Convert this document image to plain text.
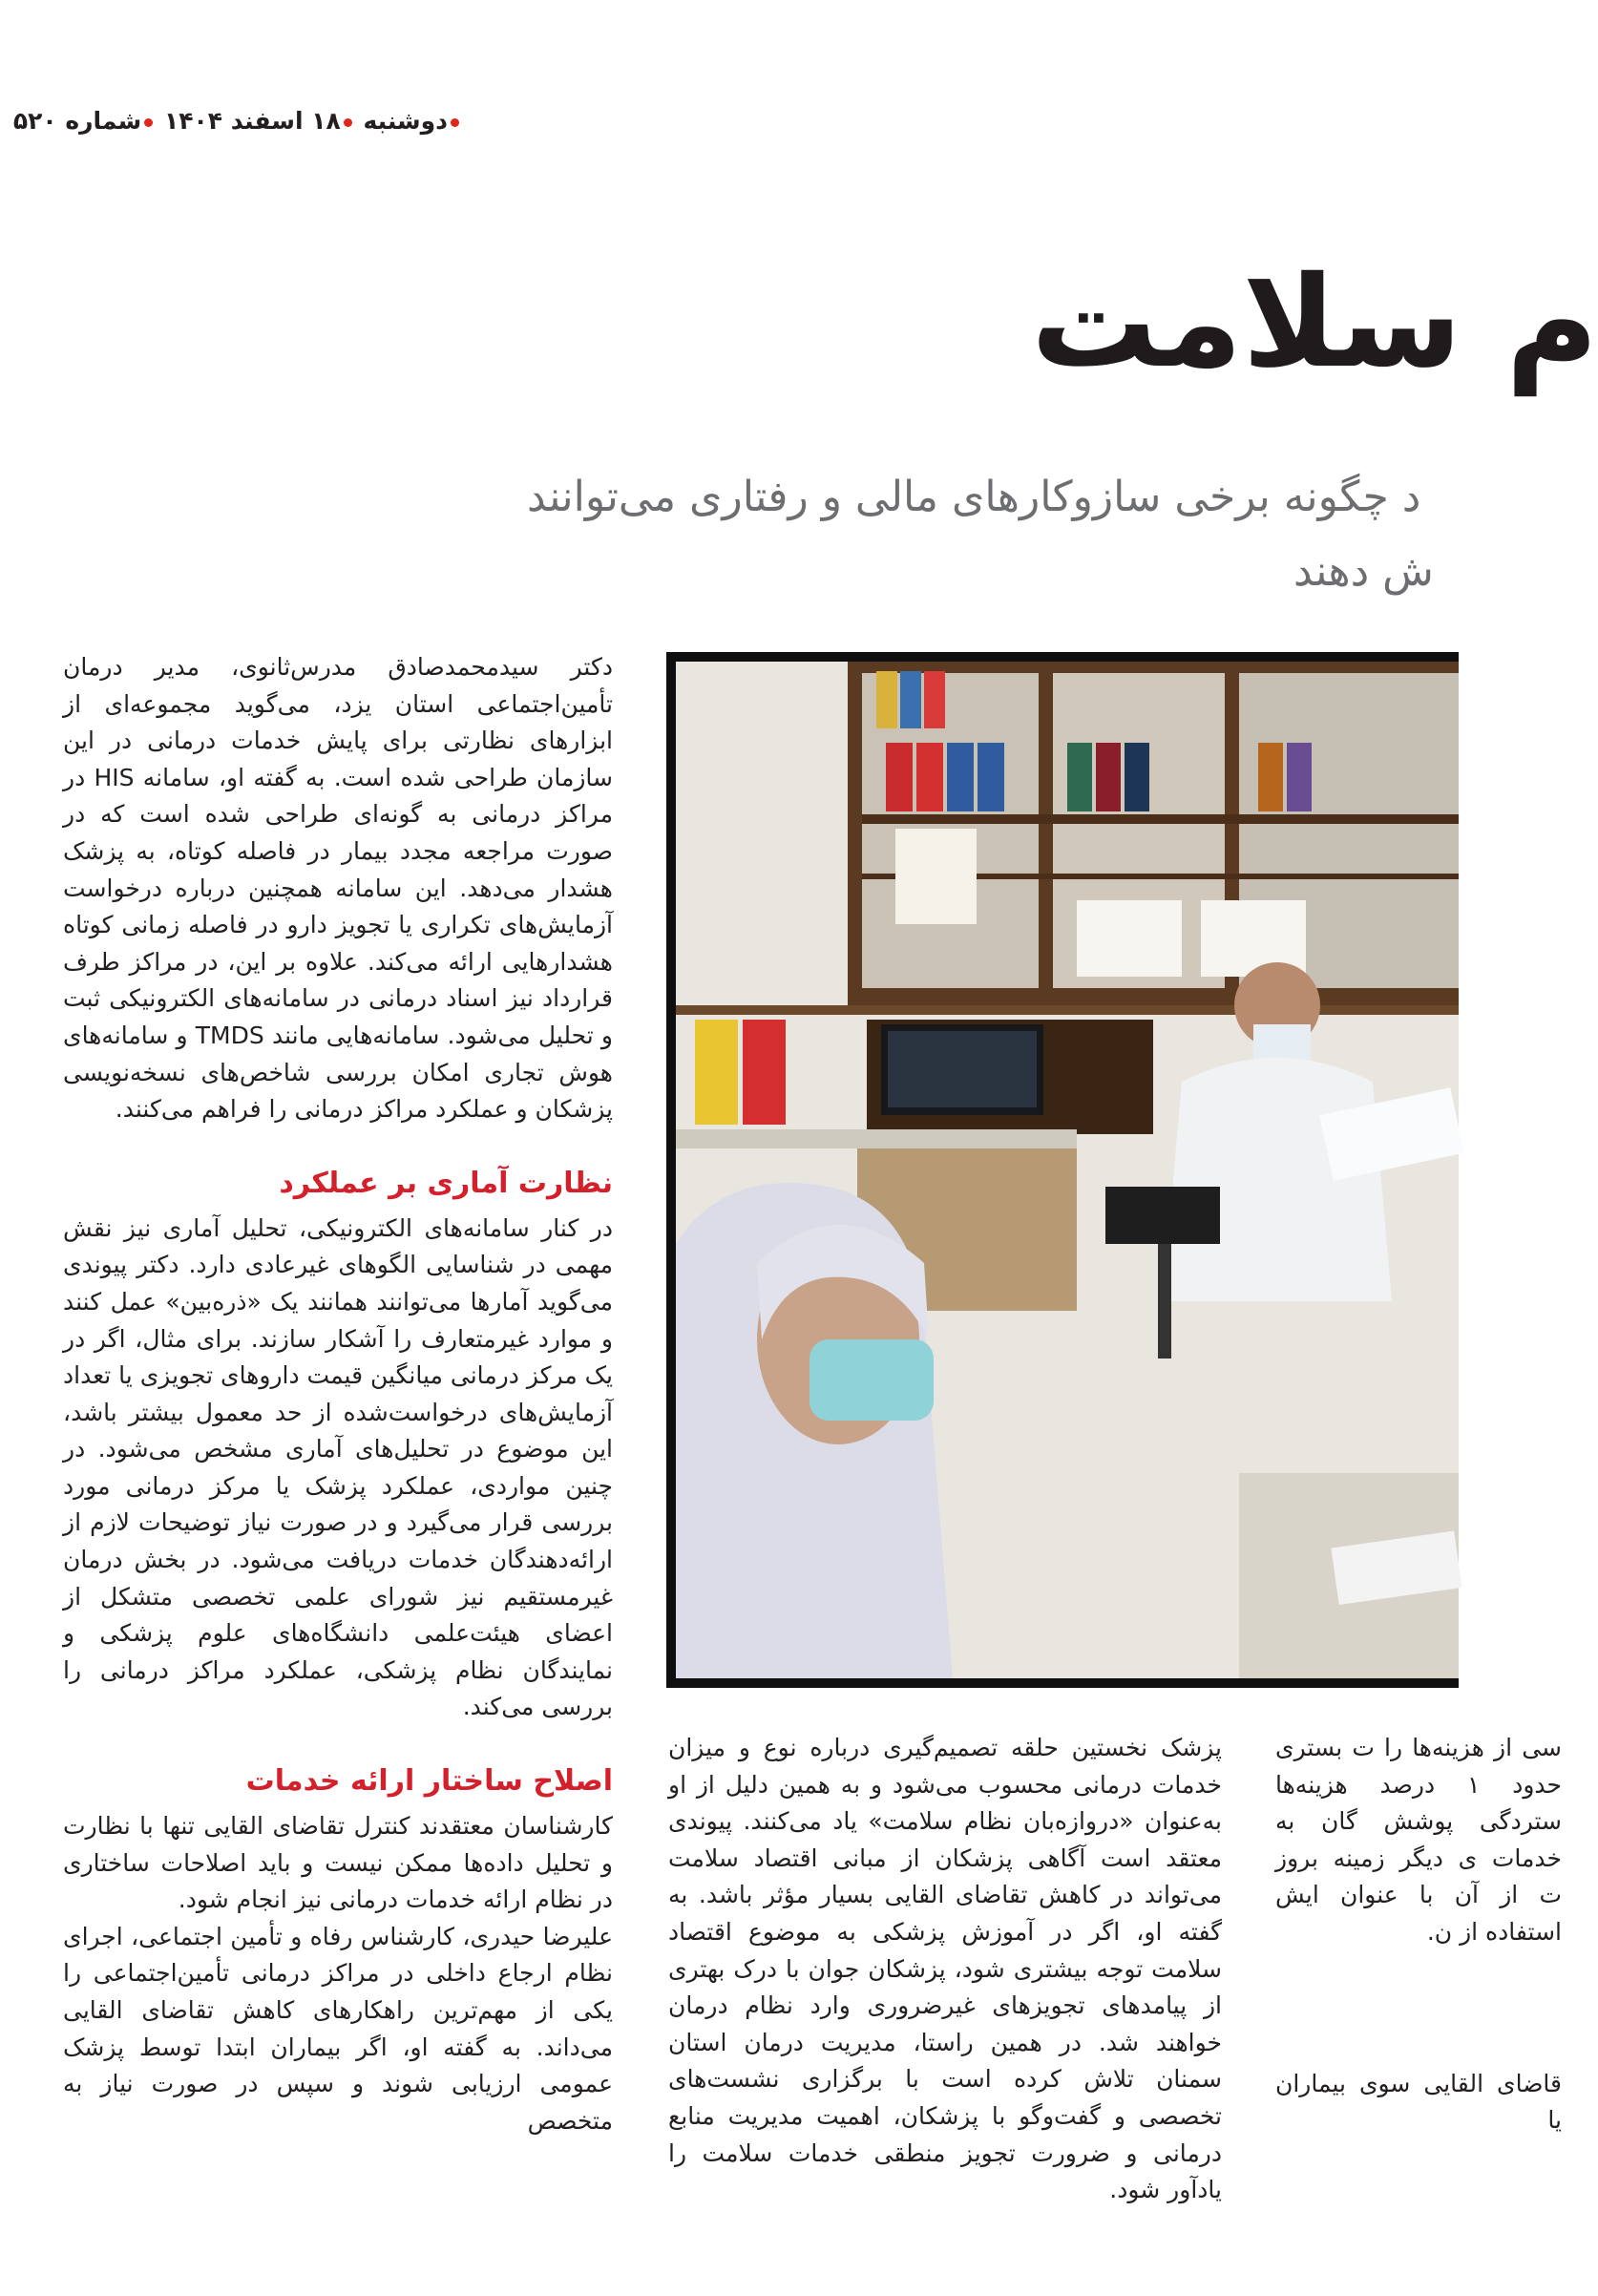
دوشنبه ۱۸ اسفند ۱۴۰۴ شماره ۵۲۰
م سلامت
د چگونه برخی سازوکارهای مالی و رفتاری می‌توانند
ش دهند

دکتر سیدمحمدصادق مدرس‌ثانوی، مدیر درمان تأمین‌اجتماعی استان یزد، می‌گوید مجموعه‌ای از ابزارهای نظارتی برای پایش خدمات درمانی در این سازمان طراحی شده است. به گفته او، سامانه HIS در مراکز درمانی به گونه‌ای طراحی شده است که در صورت مراجعه مجدد بیمار در فاصله کوتاه، به پزشک هشدار می‌دهد. این سامانه همچنین درباره درخواست آزمایش‌های تکراری یا تجویز دارو در فاصله زمانی کوتاه هشدارهایی ارائه می‌کند. علاوه بر این، در مراکز طرف قرارداد نیز اسناد درمانی در سامانه‌های الکترونیکی ثبت و تحلیل می‌شود. سامانه‌هایی مانند TMDS و سامانه‌های هوش تجاری امکان بررسی شاخص‌های نسخه‌نویسی پزشکان و عملکرد مراکز درمانی را فراهم می‌کنند.

نظارت آماری بر عملکرد

در کنار سامانه‌های الکترونیکی، تحلیل آماری نیز نقش مهمی در شناسایی الگوهای غیرعادی دارد. دکتر پیوندی می‌گوید آمارها می‌توانند همانند یک «ذره‌بین» عمل کنند و موارد غیرمتعارف را آشکار سازند. برای مثال، اگر در یک مرکز درمانی میانگین قیمت داروهای تجویزی یا تعداد آزمایش‌های درخواست‌شده از حد معمول بیشتر باشد، این موضوع در تحلیل‌های آماری مشخص می‌شود. در چنین مواردی، عملکرد پزشک یا مرکز درمانی مورد بررسی قرار می‌گیرد و در صورت نیاز توضیحات لازم از ارائه‌دهندگان خدمات دریافت می‌شود. در بخش درمان غیرمستقیم نیز شورای علمی تخصصی متشکل از اعضای هیئت‌علمی دانشگاه‌های علوم پزشکی و نمایندگان نظام پزشکی، عملکرد مراکز درمانی را بررسی می‌کند.

اصلاح ساختار ارائه خدمات

کارشناسان معتقدند کنترل تقاضای القایی تنها با نظارت و تحلیل داده‌ها ممکن نیست و باید اصلاحات ساختاری در نظام ارائه خدمات درمانی نیز انجام شود.

علیرضا حیدری، کارشناس رفاه و تأمین اجتماعی، اجرای نظام ارجاع داخلی در مراکز درمانی تأمین‌اجتماعی را یکی از مهم‌ترین راهکارهای کاهش تقاضای القایی می‌داند. به گفته او، اگر بیماران ابتدا توسط پزشک عمومی ارزیابی شوند و سپس در صورت نیاز به متخصص

پزشک نخستین حلقه تصمیم‌گیری درباره نوع و میزان خدمات درمانی محسوب می‌شود و به همین دلیل از او به‌عنوان «دروازه‌بان نظام سلامت» یاد می‌کنند. پیوندی معتقد است آگاهی پزشکان از مبانی اقتصاد سلامت می‌تواند در کاهش تقاضای القایی بسیار مؤثر باشد. به گفته او، اگر در آموزش پزشکی به موضوع اقتصاد سلامت توجه بیشتری شود، پزشکان جوان با درک بهتری از پیامدهای تجویزهای غیرضروری وارد نظام درمان خواهند شد. در همین راستا، مدیریت درمان استان سمنان تلاش کرده است با برگزاری نشست‌های تخصصی و گفت‌وگو با پزشکان، اهمیت مدیریت منابع درمانی و ضرورت تجویز منطقی خدمات سلامت را یادآور شود.

سی از هزینه‌ها را ت بستری حدود ۱ درصد هزینه‌ها سترد‌گی پوشش گان به خدمات ی دیگر زمینه بروز ت از آن با عنوان ایش استفاده از ن.

قاضای القایی سوی بیماران یا
